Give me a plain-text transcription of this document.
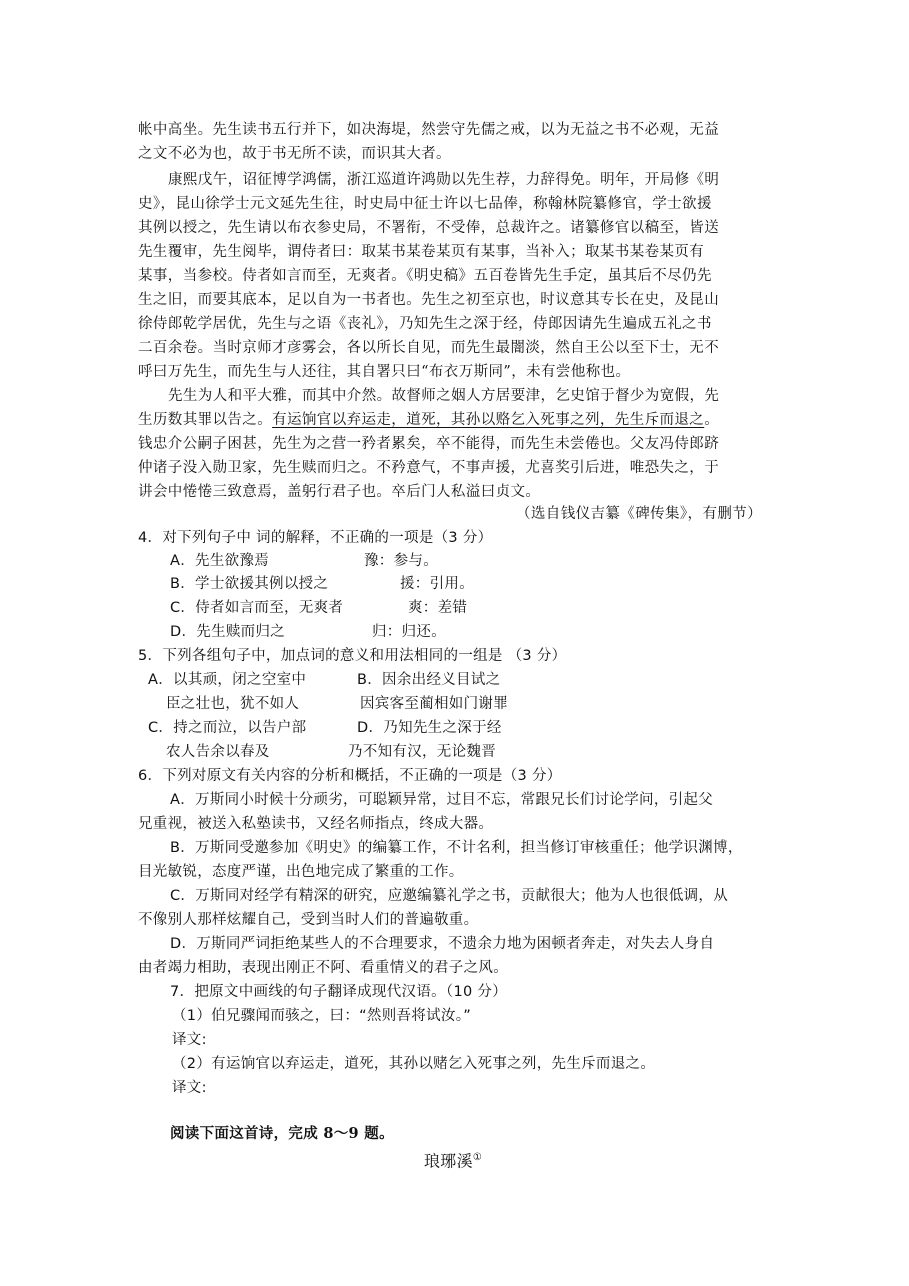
帐中高坐。先生读书五行并下，如决海堤，然尝守先儒之戒，以为无益之书不必观，无益
之文不必为也，故于书无所不读，而识其大者。
康熙戊午，诏征博学鸿儒，浙江巡道许鸿勋以先生荐，力辞得免。明年，开局修《明
史》，昆山徐学士元文延先生往，时史局中征士许以七品俸，称翰林院纂修官，学士欲援
其例以授之，先生请以布衣参史局，不署衔，不受俸，总裁许之。诸纂修官以稿至，皆送
先生覆审，先生阅毕，谓侍者曰：取某书某卷某页有某事，当补入；取某书某卷某页有
某事，当参校。侍者如言而至，无爽者。《明史稿》五百卷皆先生手定，虽其后不尽仍先
生之旧，而要其底本，足以自为一书者也。先生之初至京也，时议意其专长在史，及昆山
徐侍郎乾学居优，先生与之语《丧礼》，乃知先生之深于经，侍郎因请先生遍成五礼之书
二百余卷。当时京师才彦雾会，各以所长自见，而先生最闇淡，然自王公以至下士，无不
呼曰万先生，而先生与人还往，其自署只曰“布衣万斯同”，未有尝他称也。
先生为人和平大雅，而其中介然。故督师之姻人方居要津，乞史馆于督少为宽假，先
生历数其罪以告之。有运饷官以弃运走，道死，其孙以赂乞入死事之列，先生斥而退之。
钱忠介公嗣子困甚，先生为之营一矜者累矣，卒不能得，而先生未尝倦也。父友冯侍郎跻
仲诸子没入勋卫家，先生赎而归之。不矜意气，不事声援，尤喜奖引后进，唯恐失之，于
讲会中惓惓三致意焉，盖躬行君子也。卒后门人私溢曰贞文。
（选自钱仪吉纂《碑传集》，有删节）
4．对下列句子中 词的解释，不正确的一项是（3 分）
A．先生欲豫焉	豫：参与。
B．学士欲援其例以授之	援：引用。
C．侍者如言而至，无爽者	爽：差错
D．先生赎而归之	归：归还。
5．下列各组句子中，加点词的意义和用法相同的一组是 （3 分）
A．以其顽，闭之空室中	B．因余出经义目试之
臣之壮也，犹不如人	因宾客至蔺相如门谢罪
C．持之而泣，以告户部	D．乃知先生之深于经
农人告余以春及	乃不知有汉，无论魏晋
6．下列对原文有关内容的分析和概括，不正确的一项是（3 分）
A．万斯同小时候十分顽劣，可聪颖异常，过目不忘，常跟兄长们讨论学问，引起父
兄重视，被送入私塾读书，又经名师指点，终成大器。
B．万斯同受邀参加《明史》的编纂工作，不计名利，担当修订审核重任；他学识渊博，
目光敏锐，态度严谨，出色地完成了繁重的工作。
C．万斯同对经学有精深的研究，应邀编纂礼学之书，贡献很大；他为人也很低调，从
不像别人那样炫耀自己，受到当时人们的普遍敬重。
D．万斯同严词拒绝某些人的不合理要求，不遗余力地为困顿者奔走，对失去人身自
由者竭力相助，表现出刚正不阿、看重情义的君子之风。
7．把原文中画线的句子翻译成现代汉语。（10 分）
（1）伯兄骤闻而骇之，曰：“然则吾将试汝。”
译文:
（2）有运饷官以弃运走，道死，其孙以赌乞入死事之列，先生斥而退之。
译文:
阅读下面这首诗，完成 8～9 题。
琅琊溪①
